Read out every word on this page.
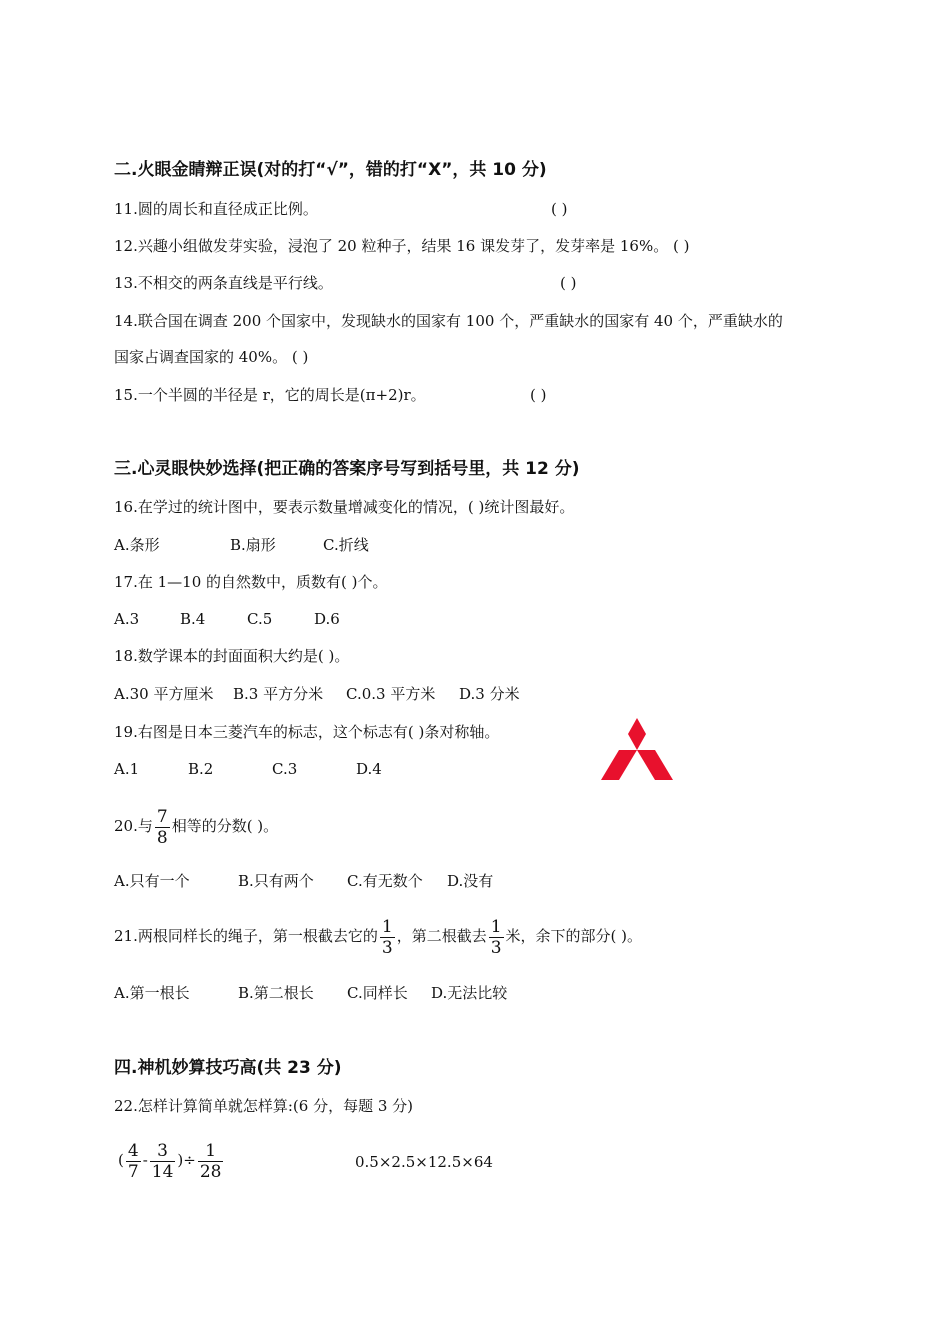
二.火眼金睛辩正误(对的打“√”，错的打“X”，共 10 分)
11.圆的周长和直径成正比例。	( )
12.兴趣小组做发芽实验，浸泡了 20 粒种子，结果 16 课发芽了，发芽率是 16%。 ( )
13.不相交的两条直线是平行线。	( )
14.联合国在调查 200 个国家中，发现缺水的国家有 100 个，严重缺水的国家有 40 个，严重缺水的
国家占调查国家的 40%。 ( )
15.一个半圆的半径是 r，它的周长是(π+2)r。	( )
三.心灵眼快妙选择(把正确的答案序号写到括号里，共 12 分)
16.在学过的统计图中，要表示数量增减变化的情况，( )统计图最好。
A.条形	B.扇形	C.折线
17.在 1—10 的自然数中，质数有( )个。
A.3	B.4	C.5	D.6
18.数学课本的封面面积大约是( )。
A.30 平方厘米 B.3 平方分米 C.0.3 平方米 D.3 分米
19.右图是日本三菱汽车的标志，这个标志有( )条对称轴。
A.1	B.2	C.3	D.4
20.与 $\frac{7}{8}$ 相等的分数( )。
A.只有一个	B.只有两个 C.有无数个 D.没有
21.两根同样长的绳子，第一根截去它的 $\frac{1}{3}$ ，第二根截去 $\frac{1}{3}$ 米，余下的部分( )。
A.第一根长	B.第二根长 C.同样长 D.无法比较
四.神机妙算技巧高(共 23 分)
22.怎样计算简单就怎样算:(6 分，每题 3 分)
( $\frac{4}{7} - \frac{3}{14}$ )÷ $\frac{1}{28}$	0.5×2.5×12.5×64
